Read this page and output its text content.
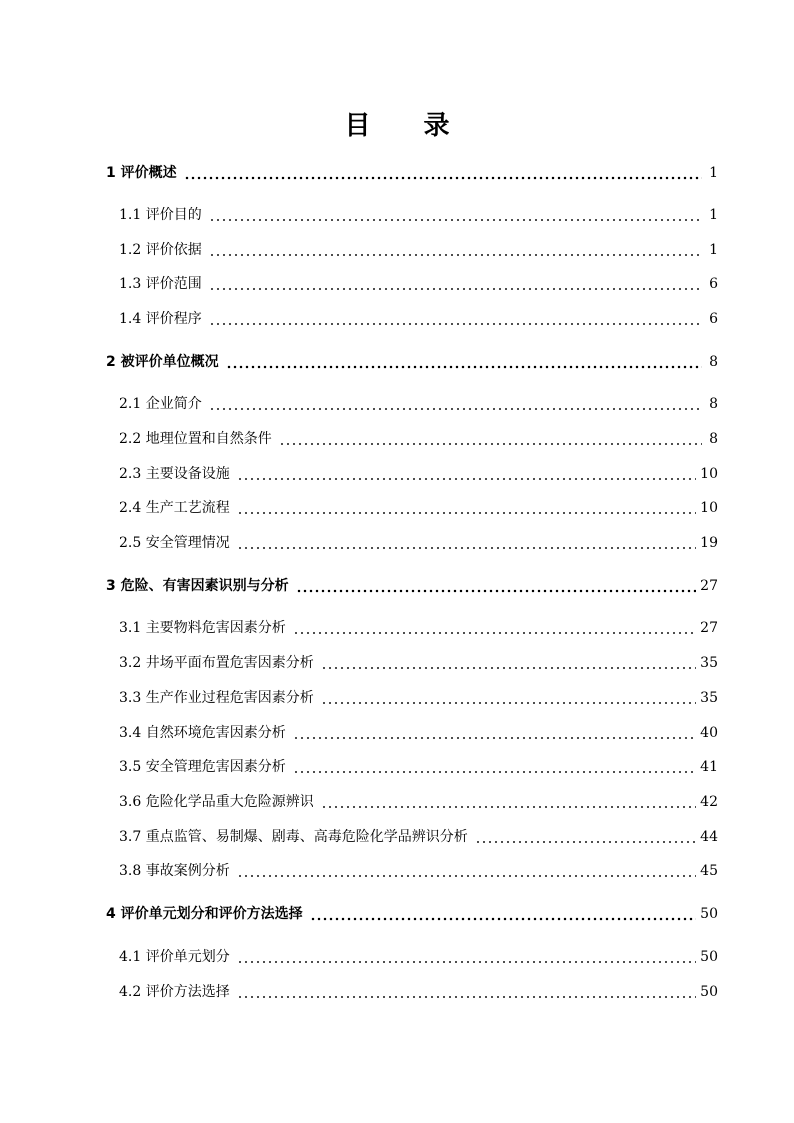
目 录
1 评价概述	1
1.1 评价目的	1
1.2 评价依据	1
1.3 评价范围	6
1.4 评价程序	6
2 被评价单位概况	8
2.1 企业简介	8
2.2 地理位置和自然条件	8
2.3 主要设备设施	10
2.4 生产工艺流程	10
2.5 安全管理情况	19
3 危险、有害因素识别与分析	27
3.1 主要物料危害因素分析	27
3.2 井场平面布置危害因素分析	35
3.3 生产作业过程危害因素分析	35
3.4 自然环境危害因素分析	40
3.5 安全管理危害因素分析	41
3.6 危险化学品重大危险源辨识	42
3.7 重点监管、易制爆、剧毒、高毒危险化学品辨识分析	44
3.8 事故案例分析	45
4 评价单元划分和评价方法选择	50
4.1 评价单元划分	50
4.2 评价方法选择	50
